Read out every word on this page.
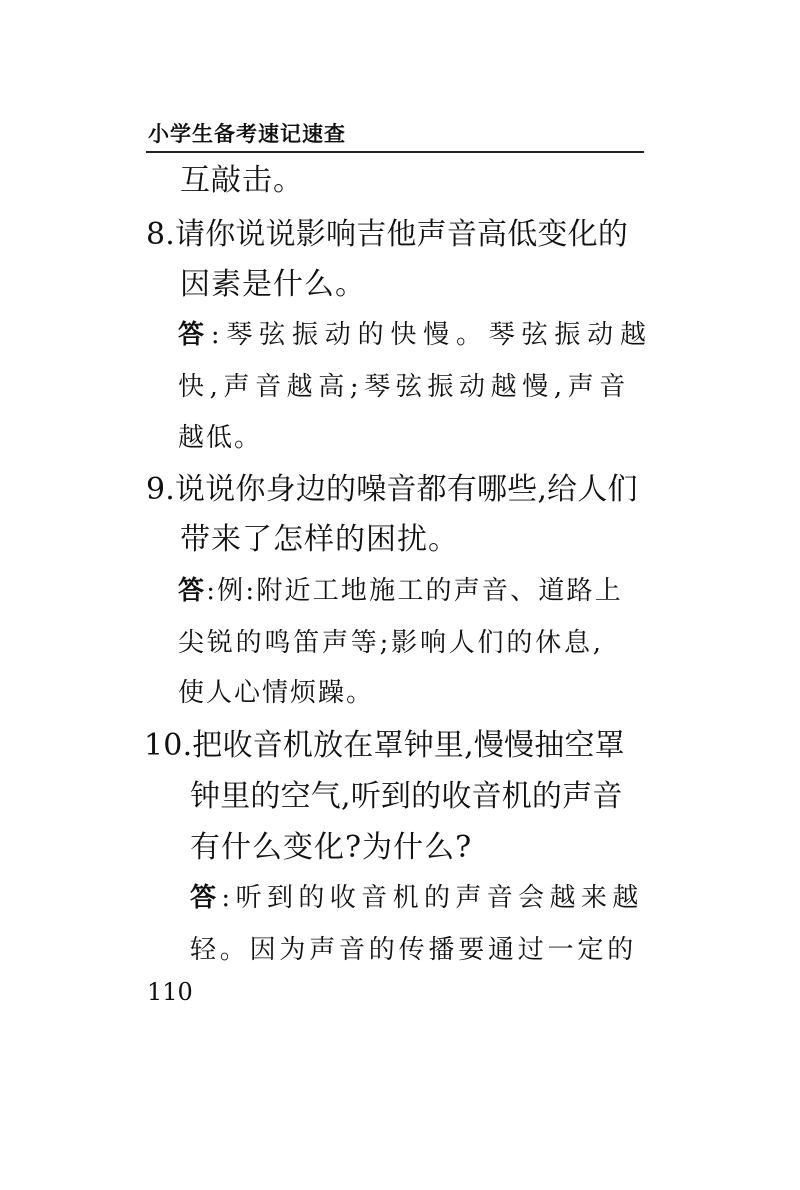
小学生备考速记速查
互敲击。
8.请你说说影响吉他声音高低变化的
因素是什么。
答:琴弦振动的快慢。琴弦振动越
快,声音越高;琴弦振动越慢,声音
越低。
9.说说你身边的噪音都有哪些,给人们
带来了怎样的困扰。
答:例:附近工地施工的声音、道路上
尖锐的鸣笛声等;影响人们的休息,
使人心情烦躁。
10.把收音机放在罩钟里,慢慢抽空罩
钟里的空气,听到的收音机的声音
有什么变化?为什么?
答:听到的收音机的声音会越来越
轻。因为声音的传播要通过一定的
110
